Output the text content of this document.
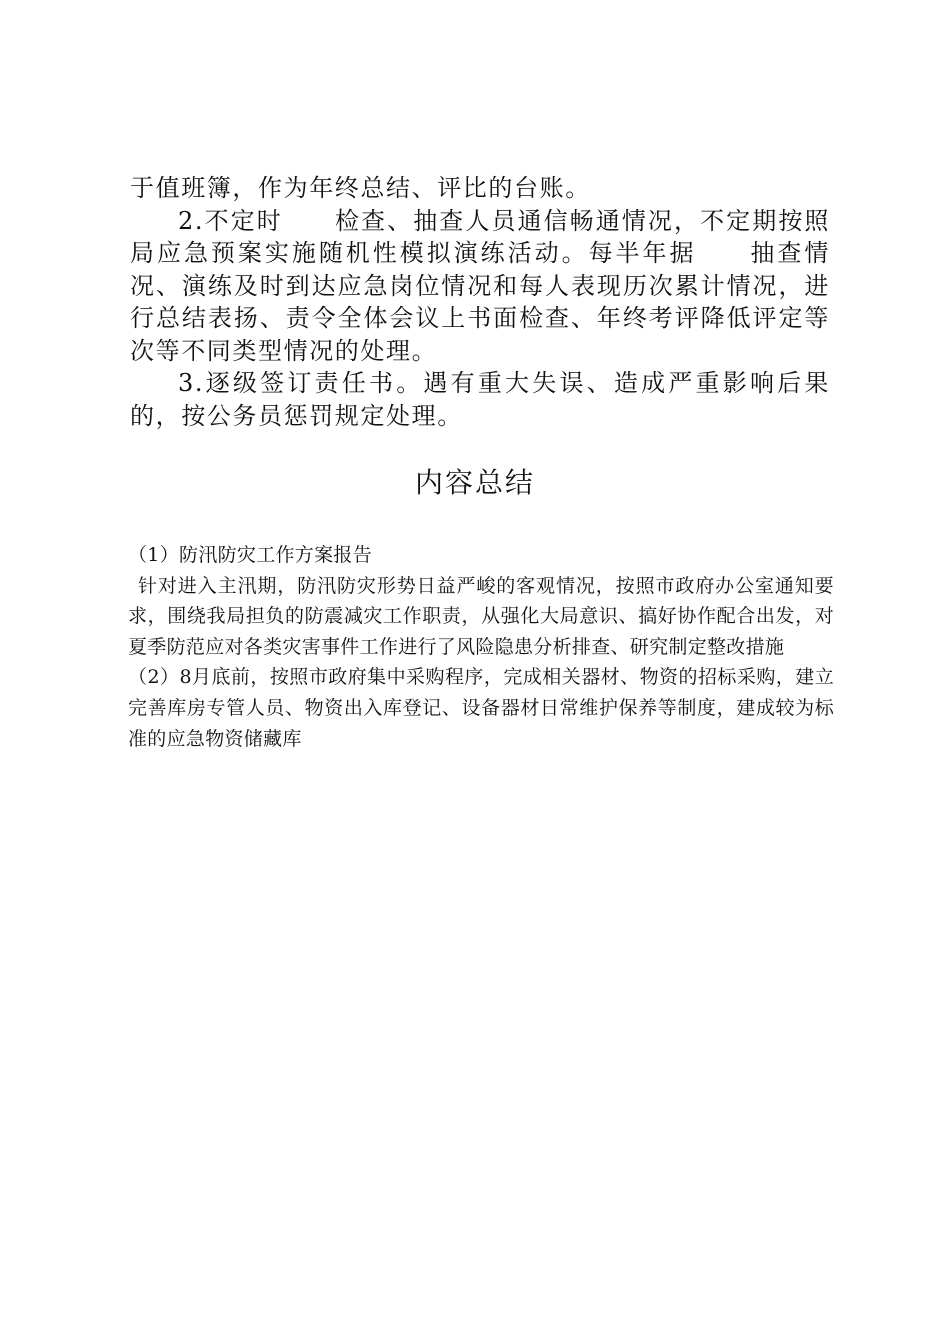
于值班簿，作为年终总结、评比的台账。

2.不定时　　检查、抽查人员通信畅通情况，不定期按照局应急预案实施随机性模拟演练活动。每半年据　　抽查情况、演练及时到达应急岗位情况和每人表现历次累计情况，进行总结表扬、责令全体会议上书面检查、年终考评降低评定等次等不同类型情况的处理。

3.逐级签订责任书。遇有重大失误、造成严重影响后果的，按公务员惩罚规定处理。

内容总结

（1）防汛防灾工作方案报告

针对进入主汛期，防汛防灾形势日益严峻的客观情况，按照市政府办公室通知要求，围绕我局担负的防震减灾工作职责，从强化大局意识、搞好协作配合出发，对夏季防范应对各类灾害事件工作进行了风险隐患分析排查、研究制定整改措施

（2）8月底前，按照市政府集中采购程序，完成相关器材、物资的招标采购，建立完善库房专管人员、物资出入库登记、设备器材日常维护保养等制度，建成较为标准的应急物资储藏库
